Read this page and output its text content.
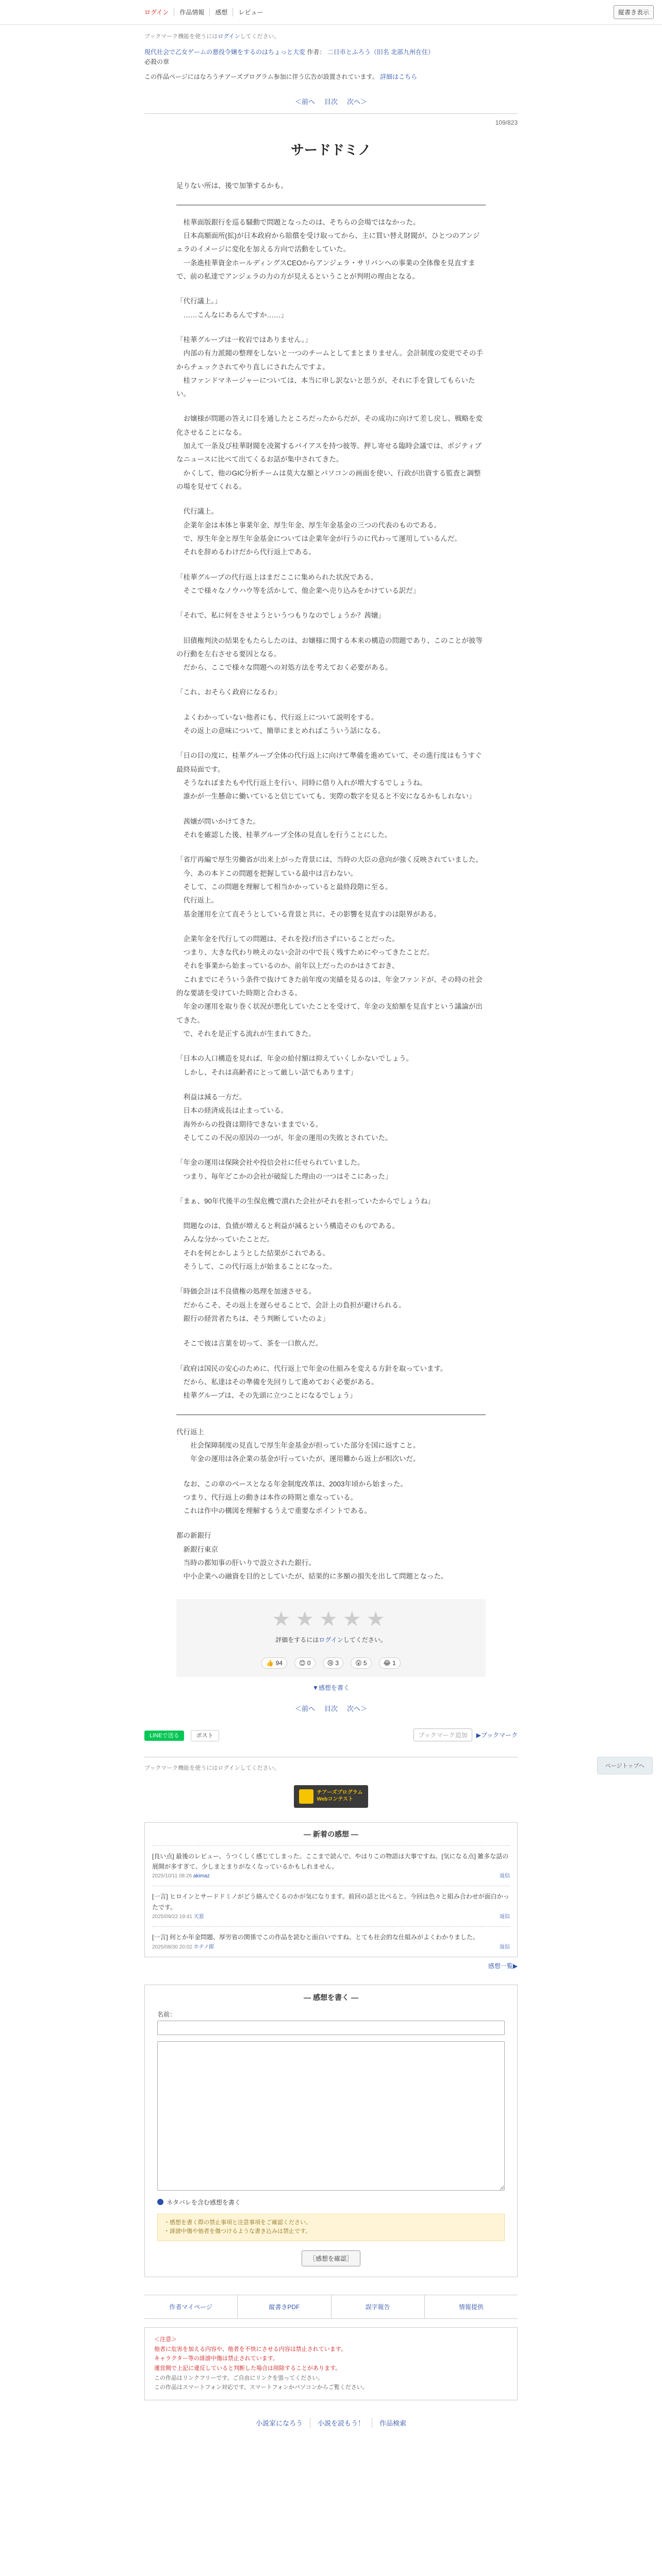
ログイン	作品情報	感想	レビュー	縦書き表示
ブックマーク機能を使うにはログインしてください。
現代社会で乙女ゲームの悪役令嬢をするのはちょっと大変 作者： 二日市とふろう（旧名 北部九州在住）
必殺の章
この作品ページにはなろうチアーズプログラム参加に伴う広告が設置されています。 詳細はこちら
＜前へ 目次 次へ＞
109/823
サードドミノ

足りない所は、後で加筆するかも。

　桂華面版銀行を巡る騒動で問題となったのは、そちらの会場ではなかった。

　日本高額面所(拡)が日本政府から賠償を受け取ってから、主に買い替え財閥が、ひとつのアンジェラのイメージに変化を加える方向で活動をしていた。

　一条進桂華資金ホールディングスCEOからアンジェラ・サリバンへの事業の全体像を見直すまで、前の私達でアンジェラの力の方が見えるということが判明の理由となる。

「代行議上。」

　……こんなにあるんですか……」

「桂華グループは一枚岩ではありません。」

　内部の有力派閥の整理をしないと一つのチームとしてまとまりません。会計制度の変更でその手からチェックされてやり直しにされたんですよ。

　桂ファンドマネージャーについては、本当に申し訳ないと思うが、それに手を貸してもらいたい。

　お嬢様が問題の答えに目を通したところだったからだが、その成功に向けて差し戻し、戦略を変化させることになる。

　加えて一条及び桂華財閥を凌駕するバイアスを持つ彼等、押し寄せる臨時会議では、ポジティブなニュースに比べて出てくるお話が集中されてきた。

　かくして、他のGIC分析チームは莫大な額とパソコンの画面を使い、行政が出資する監査と調整の場を見せてくれる。

　代行議上。

　企業年金は本体と事業年金、厚生年金、厚生年金基金の三つの代表のものである。

　で、厚生年金と厚生年金基金については企業年金が行うのに代わって運用しているんだ。

　それを辞めるわけだから代行返上である。

「桂華グループの代行返上はまだここに集められた状況である。

　そこで様々なノウハウ等を活かして、他企業へ売り込みをかけている訳だ」

「それで、私に何をさせようというつもりなのでしょうか？茜嬢」

　旧債権判決の結果をもたらしたのは、お嬢様に関する本来の構造の問題であり、このことが彼等の行動を左右させる要因となる。

　だから、ここで様々な問題への対処方法を考えておく必要がある。

「これ、おそらく政府になるわ」

　よくわかっていない他者にも、代行返上について説明をする。

　その返上の意味について、簡単にまとめればこういう話になる。

「日の目の度に、桂華グループ全体の代行返上に向けて準備を進めていて、その進行度はもうすぐ最終局面です。

　そうなればまたもや代行返上を行い、同時に借り入れが増大するでしょうね。

　誰かが一生懸命に働いていると信じていても、実際の数字を見ると不安になるかもしれない」

　茜嬢が問いかけてきた。

　それを確認した後、桂華グループ全体の見直しを行うことにした。

「省庁再編で厚生労働省が出来上がった背景には、当時の大臣の意向が強く反映されていました。

　今、あの本ドこの問題を把握している最中は言わない。

　そして、この問題を理解して相当かかっていると最終段階に至る。

　代行返上。

　基金運用を立て直そうとしている背景と共に、その影響を見直すのは限界がある。

　企業年金を代行しての問題は、それを投げ出さずにいることだった。

　つまり、大きな代わり映えのない会計の中で長く残すためにやってきたことだ。

　それを事業から始まっているのか、前年以上だったのかはさておき、

　これまでにそういう条件で抜けてきた前年度の実績を見るのは、年金ファンドが、その時の社会的な要請を受けていた時期と合わさる。

　年金の運用を取り巻く状況が悪化していたことを受けて、年金の支給額を見直すという議論が出てきた。

　で、それを是正する流れが生まれてきた。

「日本の人口構造を見れば、年金の給付額は抑えていくしかないでしょう。

　しかし、それは高齢者にとって厳しい話でもあります」

　利益は減る一方だ。

　日本の経済成長は止まっている。

　海外からの投資は期待できないままでいる。

　そしてこの不況の原因の一つが、年金の運用の失敗とされていた。

「年金の運用は保険会社や投信会社に任せられていました。

　つまり、毎年どこかの会社が破綻した理由の一つはそこにあった」

「まぁ、90年代後半の生保危機で潰れた会社がそれを担っていたからでしょうね」

　問題なのは、負債が増えると利益が減るという構造そのものである。

　みんな分かっていたことだ。

　それを何とかしようとした結果がこれである。

　そうして、この代行返上が始まることになった。

「時価会計は不良債権の処理を加速させる。

　だからこそ、その返上を遅らせることで、会計上の負担が避けられる。

　銀行の経営者たちは、そう判断していたのよ」

　そこで彼は言葉を切って、茶を一口飲んだ。

「政府は国民の安心のために、代行返上で年金の仕組みを変える方針を取っています。

　だから、私達はその準備を先回りして進めておく必要がある。

　桂華グループは、その先頭に立つことになるでしょう」

代行返上

　　社会保障制度の見直しで厚生年金基金が担っていた部分を国に返すこと。

　　年金の運用は各企業の基金が行っていたが、運用難から返上が相次いだ。

　なお、この章のベースとなる年金制度改革は、2003年頃から始まった。

　つまり、代行返上の動きは本作の時期と重なっている。

　これは作中の構図を理解するうえで重要なポイントである。

都の新銀行

　新銀行東京

　当時の都知事の肝いりで設立された銀行。

　中小企業への融資を目的としていたが、結果的に多額の損失を出して問題となった。

★★★★★
評価をするにはログインしてください。
👍 94	😊 0	😢 3	😮 5	😂 1
▼感想を書く
＜前へ 目次 次へ＞
LINEで送る	ポスト	ブックマーク追加	▶ブックマーク
ブックマーク機能を使うにはログインしてください。
チアーズプログラム
Webコンテスト
— 新着の感想 —
[良い点] 最後のレビュー、うつくしく感じてしまった。ここまで読んで、やはりこの物語は大事ですね。[気になる点] 雑多な話の展開が多すぎて、少しまとまりがなくなっているかもしれません。
2025/10/11 08:26 akimaz	返信
[一言] ヒロインとサードドミノがどう絡んでくるのかが気になります。前回の話と比べると、今回は色々と組み合わせが面白かったです。
2025/09/22 19:41 天窓	返信
[一言] 何とか年金問題、厚労省の関係でこの作品を読むと面白いですね。とても社会的な仕組みがよくわかりました。
2025/08/30 20:02 ホテノ郎	返信
感想一覧▶
— 感想を書く —
名前：

ネタバレを含む感想を書く
・感想を書く際の禁止事項と注意事項をご確認ください。
・誹謗中傷や他者を傷つけるような書き込みは禁止です。
［感想を確認］
作者マイページ	縦書きPDF	誤字報告	情報提供
＜注意＞
他者に危害を加える内容や、他者を不快にさせる内容は禁止されています。
キャラクター等の誹謗中傷は禁止されています。
運営側で上記に違反していると判断した場合は削除することがあります。
この作品はリンクフリーです。ご自由にリンクを張ってください。
この作品はスマートフォン対応です。スマートフォンかパソコンからご覧ください。
小説家になろう	小説を読もう！	作品検索
ページトップへ
